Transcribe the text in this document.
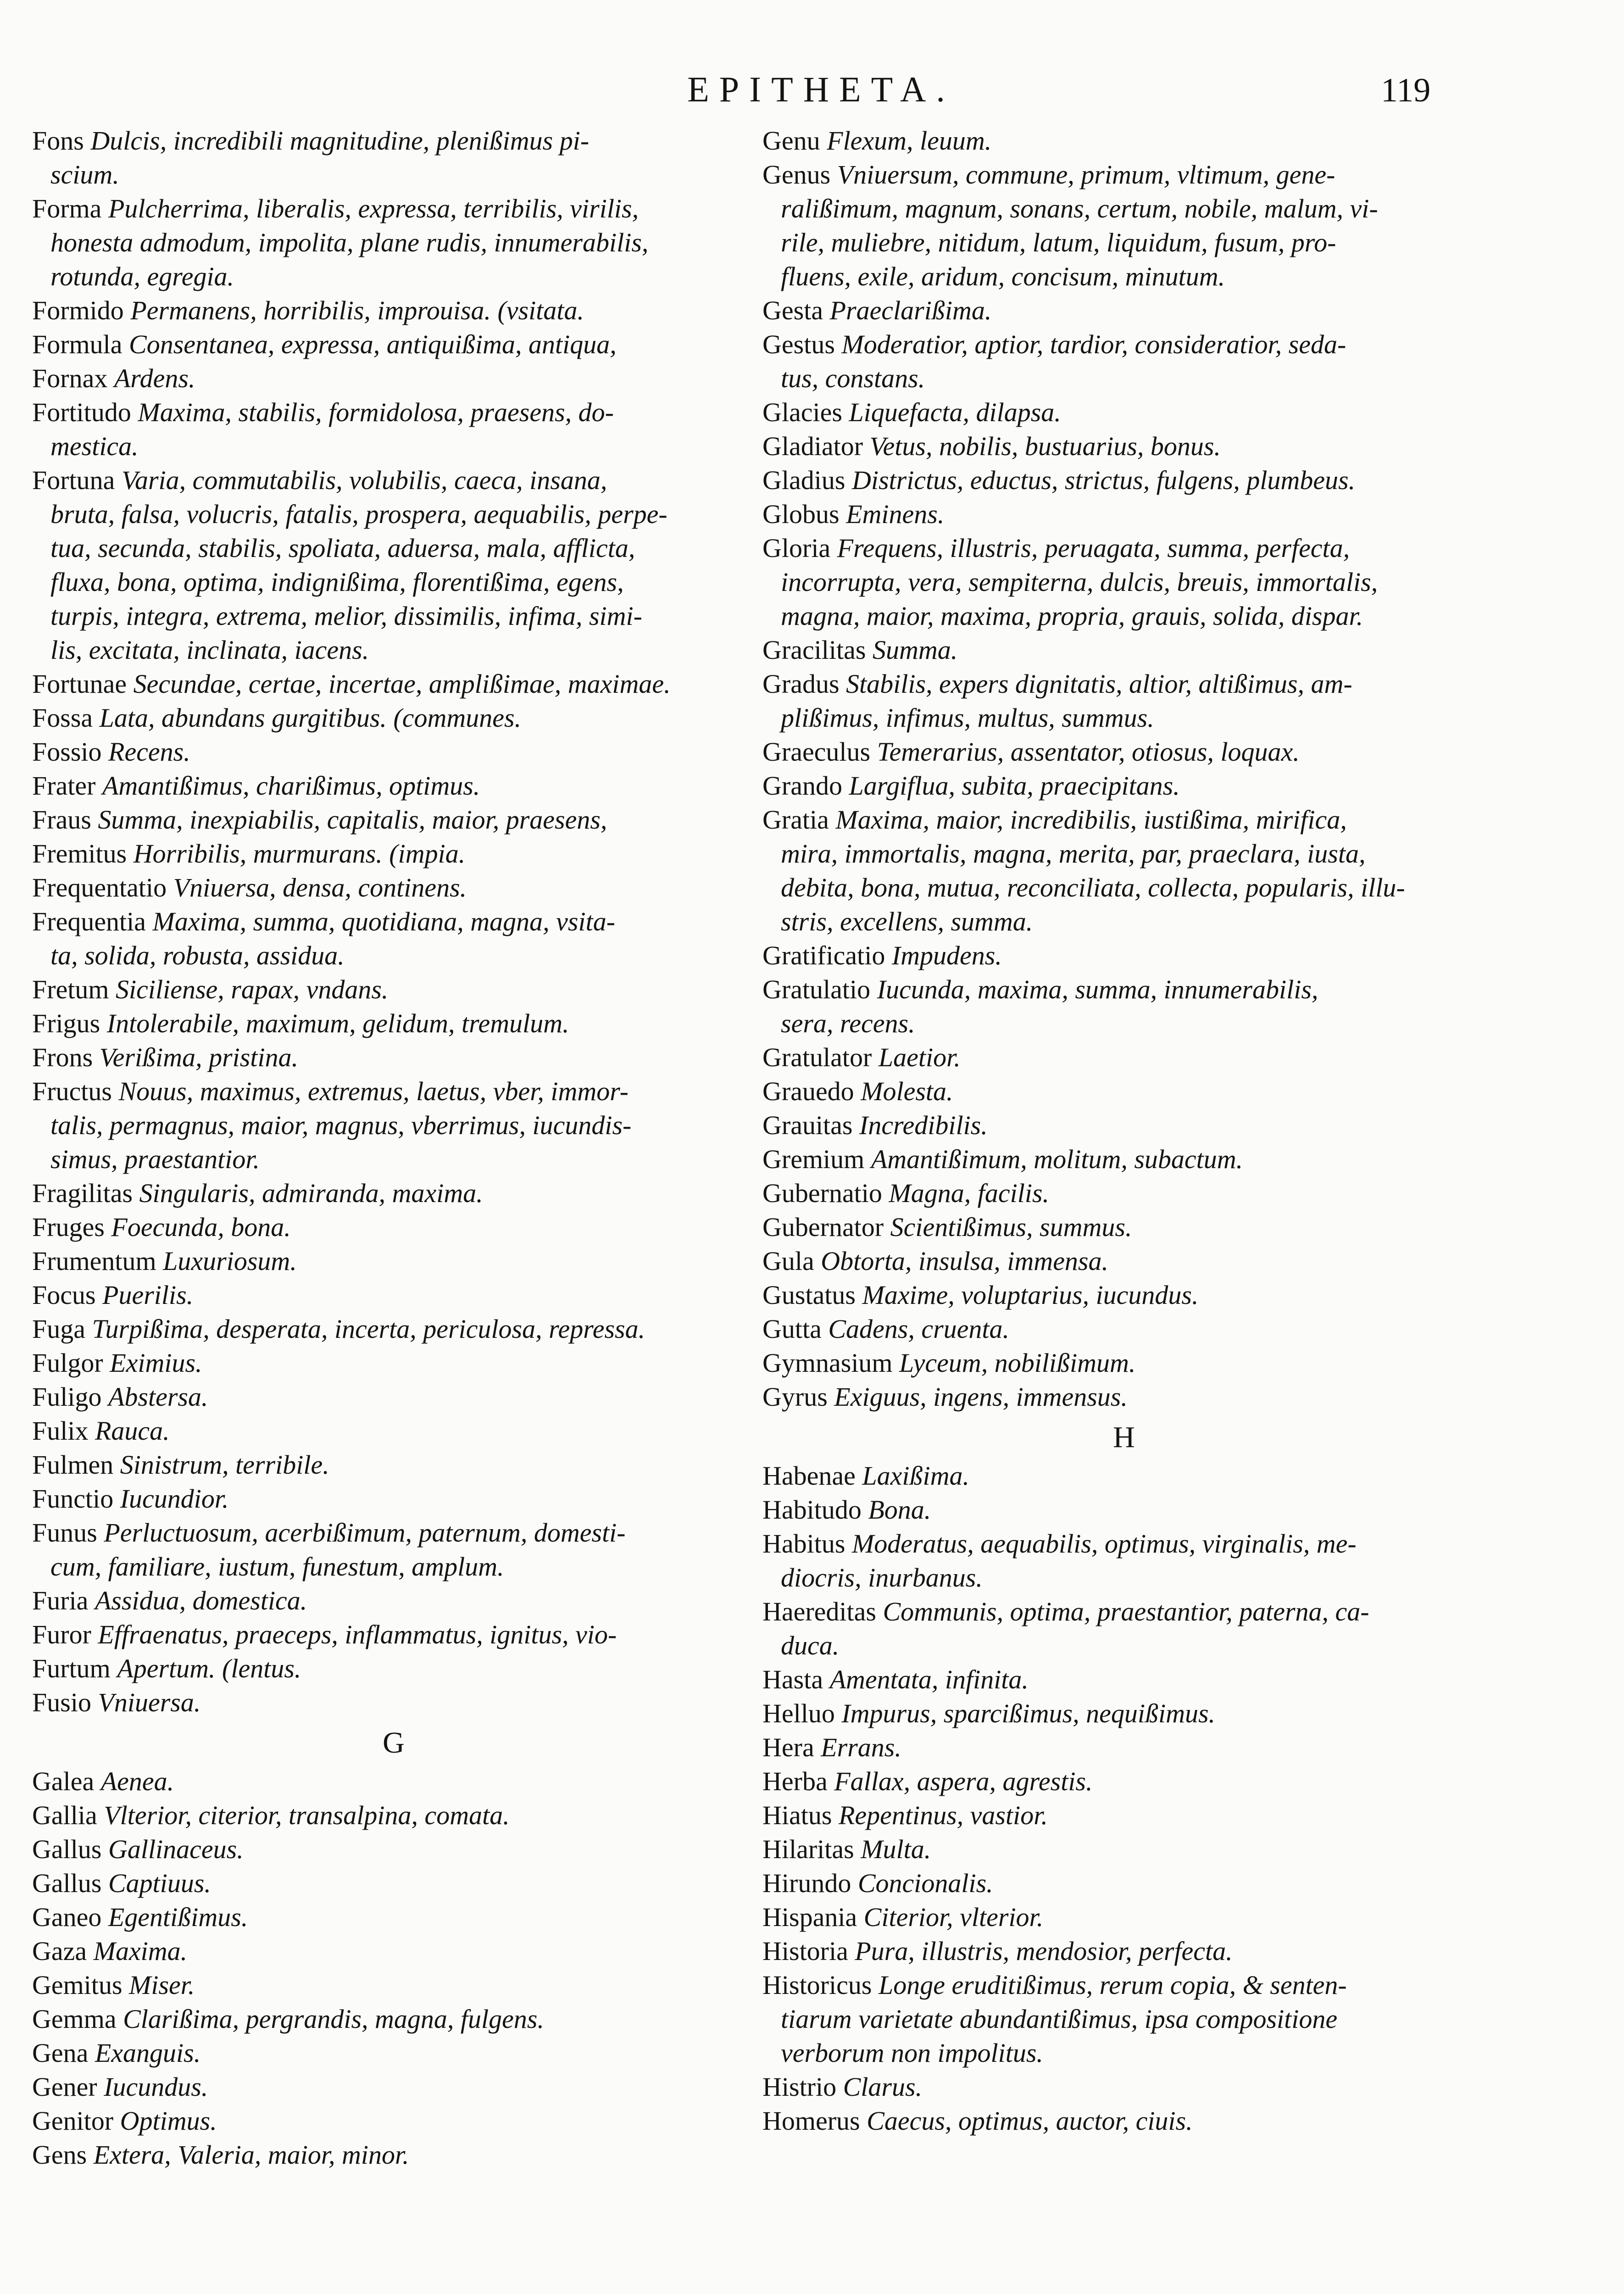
EPITHETA.	119
Fons Dulcis, incredibili magnitudine, plenißimus pi-
scium.
Forma Pulcherrima, liberalis, expressa, terribilis, virilis,
honesta admodum, impolita, plane rudis, innumerabilis,
rotunda, egregia.
Formido Permanens, horribilis, improuisa. (vsitata.
Formula Consentanea, expressa, antiquißima, antiqua,
Fornax Ardens.
Fortitudo Maxima, stabilis, formidolosa, praesens, do-
mestica.
Fortuna Varia, commutabilis, volubilis, caeca, insana,
bruta, falsa, volucris, fatalis, prospera, aequabilis, perpe-
tua, secunda, stabilis, spoliata, aduersa, mala, afflicta,
fluxa, bona, optima, indignißima, florentißima, egens,
turpis, integra, extrema, melior, dissimilis, infima, simi-
lis, excitata, inclinata, iacens.
Fortunae Secundae, certae, incertae, amplißimae, maximae.
Fossa Lata, abundans gurgitibus. (communes.
Fossio Recens.
Frater Amantißimus, charißimus, optimus.
Fraus Summa, inexpiabilis, capitalis, maior, praesens,
Fremitus Horribilis, murmurans. (impia.
Frequentatio Vniuersa, densa, continens.
Frequentia Maxima, summa, quotidiana, magna, vsita-
ta, solida, robusta, assidua.
Fretum Siciliense, rapax, vndans.
Frigus Intolerabile, maximum, gelidum, tremulum.
Frons Verißima, pristina.
Fructus Nouus, maximus, extremus, laetus, vber, immor-
talis, permagnus, maior, magnus, vberrimus, iucundis-
simus, praestantior.
Fragilitas Singularis, admiranda, maxima.
Fruges Foecunda, bona.
Frumentum Luxuriosum.
Focus Puerilis.
Fuga Turpißima, desperata, incerta, periculosa, repressa.
Fulgor Eximius.
Fuligo Abstersa.
Fulix Rauca.
Fulmen Sinistrum, terribile.
Functio Iucundior.
Funus Perluctuosum, acerbißimum, paternum, domesti-
cum, familiare, iustum, funestum, amplum.
Furia Assidua, domestica.
Furor Effraenatus, praeceps, inflammatus, ignitus, vio-
Furtum Apertum. (lentus.
Fusio Vniuersa.
G
Galea Aenea.
Gallia Vlterior, citerior, transalpina, comata.
Gallus Gallinaceus.
Gallus Captiuus.
Ganeo Egentißimus.
Gaza Maxima.
Gemitus Miser.
Gemma Clarißima, pergrandis, magna, fulgens.
Gena Exanguis.
Gener Iucundus.
Genitor Optimus.
Gens Extera, Valeria, maior, minor.
Genu Flexum, leuum.
Genus Vniuersum, commune, primum, vltimum, gene-
ralißimum, magnum, sonans, certum, nobile, malum, vi-
rile, muliebre, nitidum, latum, liquidum, fusum, pro-
fluens, exile, aridum, concisum, minutum.
Gesta Praeclarißima.
Gestus Moderatior, aptior, tardior, consideratior, seda-
tus, constans.
Glacies Liquefacta, dilapsa.
Gladiator Vetus, nobilis, bustuarius, bonus.
Gladius Districtus, eductus, strictus, fulgens, plumbeus.
Globus Eminens.
Gloria Frequens, illustris, peruagata, summa, perfecta,
incorrupta, vera, sempiterna, dulcis, breuis, immortalis,
magna, maior, maxima, propria, grauis, solida, dispar.
Gracilitas Summa.
Gradus Stabilis, expers dignitatis, altior, altißimus, am-
plißimus, infimus, multus, summus.
Graeculus Temerarius, assentator, otiosus, loquax.
Grando Largiflua, subita, praecipitans.
Gratia Maxima, maior, incredibilis, iustißima, mirifica,
mira, immortalis, magna, merita, par, praeclara, iusta,
debita, bona, mutua, reconciliata, collecta, popularis, illu-
stris, excellens, summa.
Gratificatio Impudens.
Gratulatio Iucunda, maxima, summa, innumerabilis,
sera, recens.
Gratulator Laetior.
Grauedo Molesta.
Grauitas Incredibilis.
Gremium Amantißimum, molitum, subactum.
Gubernatio Magna, facilis.
Gubernator Scientißimus, summus.
Gula Obtorta, insulsa, immensa.
Gustatus Maxime, voluptarius, iucundus.
Gutta Cadens, cruenta.
Gymnasium Lyceum, nobilißimum.
Gyrus Exiguus, ingens, immensus.
H
Habenae Laxißima.
Habitudo Bona.
Habitus Moderatus, aequabilis, optimus, virginalis, me-
diocris, inurbanus.
Haereditas Communis, optima, praestantior, paterna, ca-
duca.
Hasta Amentata, infinita.
Helluo Impurus, sparcißimus, nequißimus.
Hera Errans.
Herba Fallax, aspera, agrestis.
Hiatus Repentinus, vastior.
Hilaritas Multa.
Hirundo Concionalis.
Hispania Citerior, vlterior.
Historia Pura, illustris, mendosior, perfecta.
Historicus Longe eruditißimus, rerum copia, & senten-
tiarum varietate abundantißimus, ipsa compositione
verborum non impolitus.
Histrio Clarus.
Homerus Caecus, optimus, auctor, ciuis.
